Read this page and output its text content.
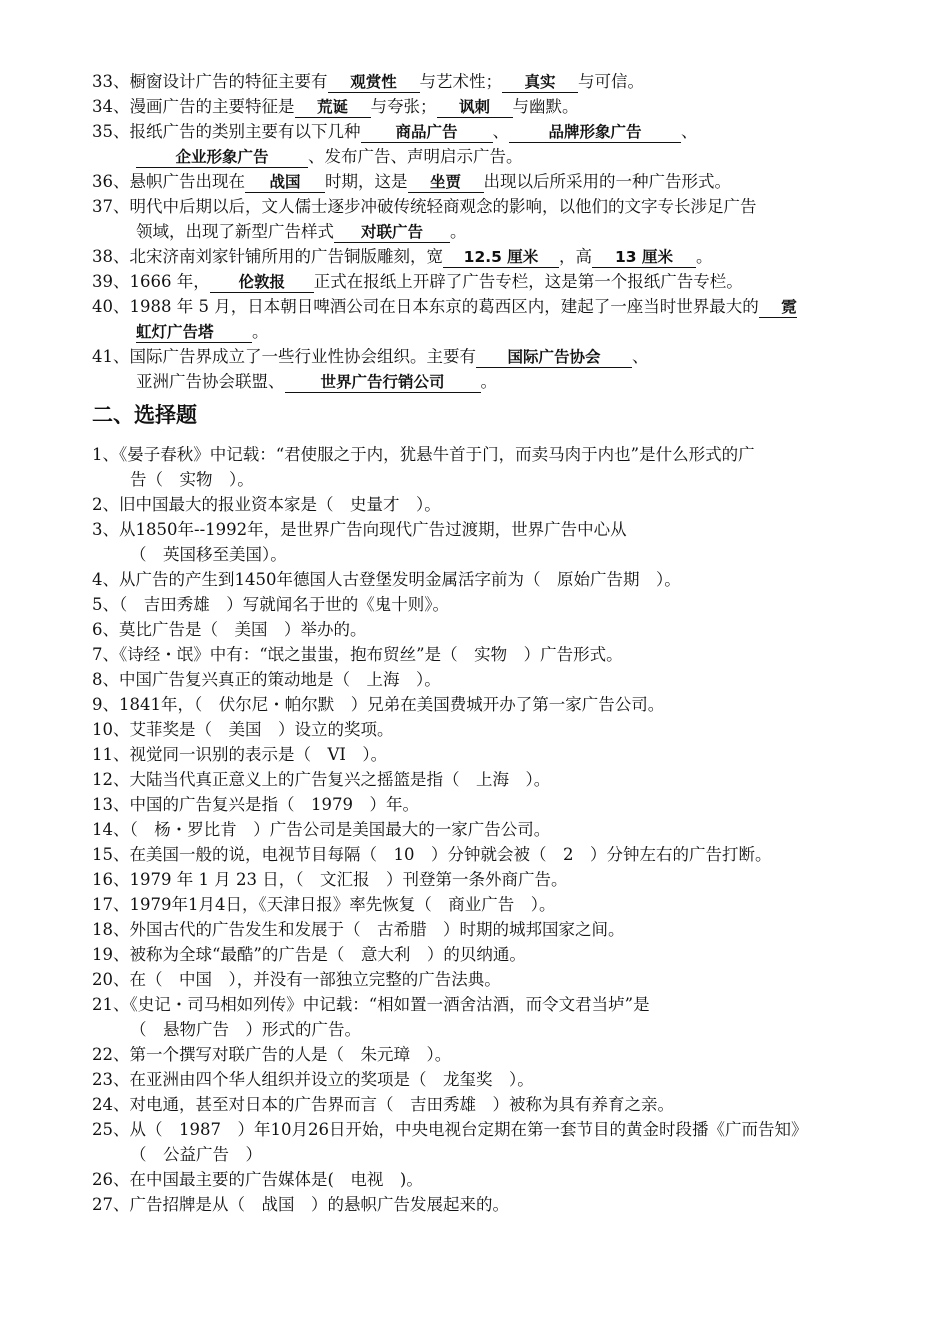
33、橱窗设计广告的特征主要有 观赏性 与艺术性； 真实 与可信。
34、漫画广告的主要特征是 荒诞 与夸张； 讽刺 与幽默。
35、报纸广告的类别主要有以下几种 商品广告 、	品牌形象广告 、
企业形象广告 、发布广告、声明启示广告。
36、悬帜广告出现在 战国 时期，这是 坐贾 出现以后所采用的一种广告形式。
37、明代中后期以后，文人儒士逐步冲破传统轻商观念的影响，以他们的文字专长涉足广告
领域，出现了新型广告样式 对联广告 。
38、北宋济南刘家针铺所用的广告铜版雕刻，宽 12.5 厘米 ，高 13 厘米 。
39、1666 年， 伦敦报 正式在报纸上开辟了广告专栏，这是第一个报纸广告专栏。
40、1988 年 5 月，日本朝日啤酒公司在日本东京的葛西区内，建起了一座当时世界最大的 霓
虹灯广告塔 。
41、国际广告界成立了一些行业性协会组织。主要有 国际广告协会 、
亚洲广告协会联盟、 世界广告行销公司 。
二、选择题
1、《晏子春秋》中记载：“君使服之于内，犹悬牛首于门，而卖马肉于内也”是什么形式的广
告（　实物　）。
2、旧中国最大的报业资本家是（　史量才　）。
3、从1850年--1992年，是世界广告向现代广告过渡期，世界广告中心从
（　英国移至美国）。
4、从广告的产生到1450年德国人古登堡发明金属活字前为（　原始广告期　）。
5、（　吉田秀雄　）写就闻名于世的《鬼十则》。
6、莫比广告是（　美国　）举办的。
7、《诗经・氓》中有：“氓之蚩蚩，抱布贸丝”是（　实物　）广告形式。
8、中国广告复兴真正的策动地是（　上海　）。
9、1841年，（　伏尔尼・帕尔默　）兄弟在美国费城开办了第一家广告公司。
10、艾菲奖是（　美国　）设立的奖项。
11、视觉同一识别的表示是（　VI　）。
12、大陆当代真正意义上的广告复兴之摇篮是指（　上海　）。
13、中国的广告复兴是指（　1979　）年。
14、（　杨・罗比肯　）广告公司是美国最大的一家广告公司。
15、在美国一般的说，电视节目每隔（　10　）分钟就会被（　2　）分钟左右的广告打断。
16、1979 年 1 月 23 日，（　文汇报　）刊登第一条外商广告。
17、1979年1月4日，《天津日报》率先恢复（　商业广告　）。
18、外国古代的广告发生和发展于（　古希腊　）时期的城邦国家之间。
19、被称为全球“最酷”的广告是（　意大利　）的贝纳通。
20、在（　中国　），并没有一部独立完整的广告法典。
21、《史记・司马相如列传》中记载：“相如置一酒舍沽酒，而令文君当垆”是
（　悬物广告　）形式的广告。
22、第一个撰写对联广告的人是（　朱元璋　）。
23、在亚洲由四个华人组织并设立的奖项是（　龙玺奖　）。
24、对电通，甚至对日本的广告界而言（　吉田秀雄　）被称为具有养育之亲。
25、从（　1987　）年10月26日开始，中央电视台定期在第一套节目的黄金时段播《广而告知》
（　公益广告　）
26、在中国最主要的广告媒体是(　电视　)。
27、广告招牌是从（　战国　）的悬帜广告发展起来的。
